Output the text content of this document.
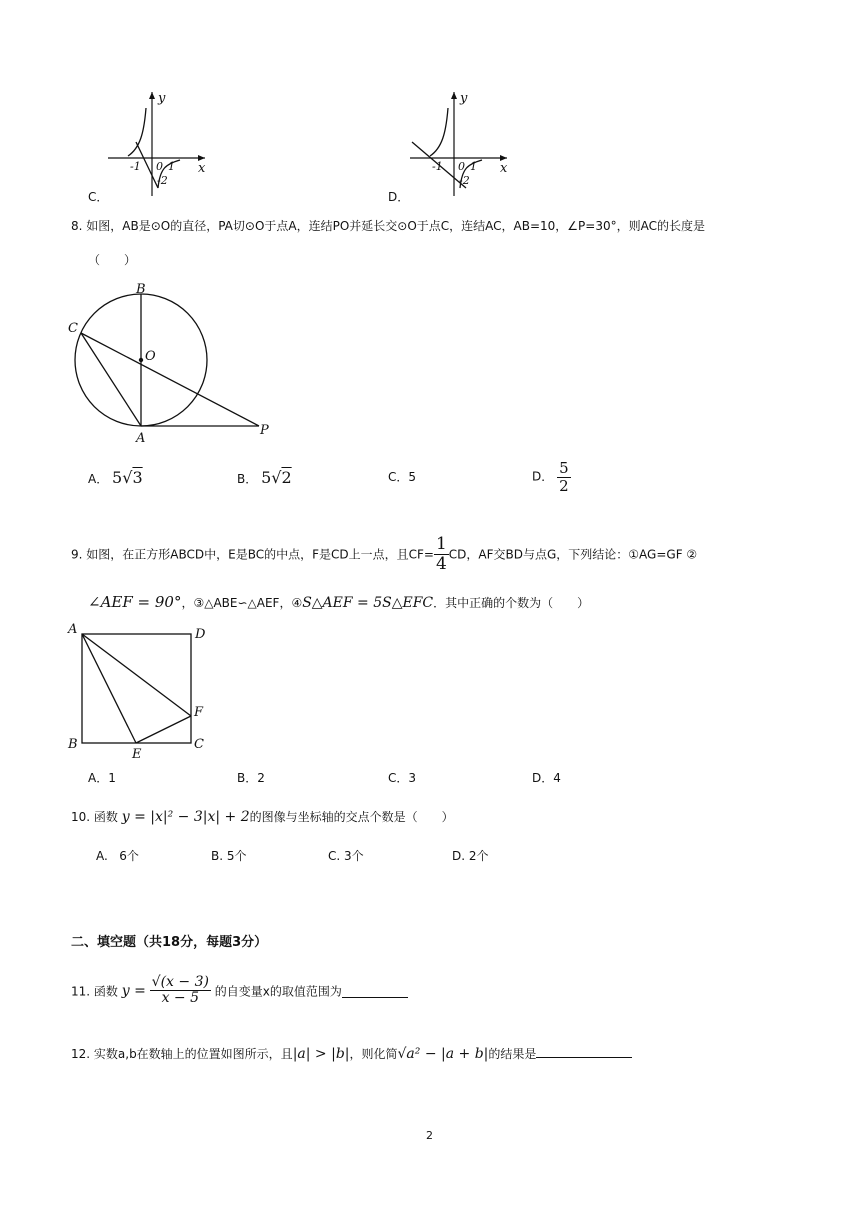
y
x
-1 0 1
-2
C．
y
x
-1 0 1
-2
D．
8. 如图，AB是⊙O的直径，PA切⊙O于点A，连结PO并延长交⊙O于点C，连结AC，AB=10，∠P=30°，则AC的长度是
（　　）
B
C
O
A
P
A． 5√3	B． 5√2	C．5	D． $\frac{5}{2}$
9. 如图，在正方形ABCD中，E是BC的中点，F是CD上一点，且$CF= \frac{1}{4}$ CD，AF交BD与点G，下列结论：①AG=GF ②
∠AEF = 90°，③△ABE∽△AEF，④S△AEF = 5S△EFC．其中正确的个数为（　　）
A	D
B
E
C
F
A．1	B．2	C．3	D．4
10. 函数 y = |x|² − 3|x| + 2的图像与坐标轴的交点个数是（　　）
A. 6个	B. 5个	C. 3个	D. 2个
二、填空题（共18分，每题3分）
11. 函数 $y = \frac{√(x - 3)}{x - 5}$ 的自变量x的取值范围为
12. 实数a,b在数轴上的位置如图所示，且|a| > |b|，则化简√a² − |a + b|的结果是
2
